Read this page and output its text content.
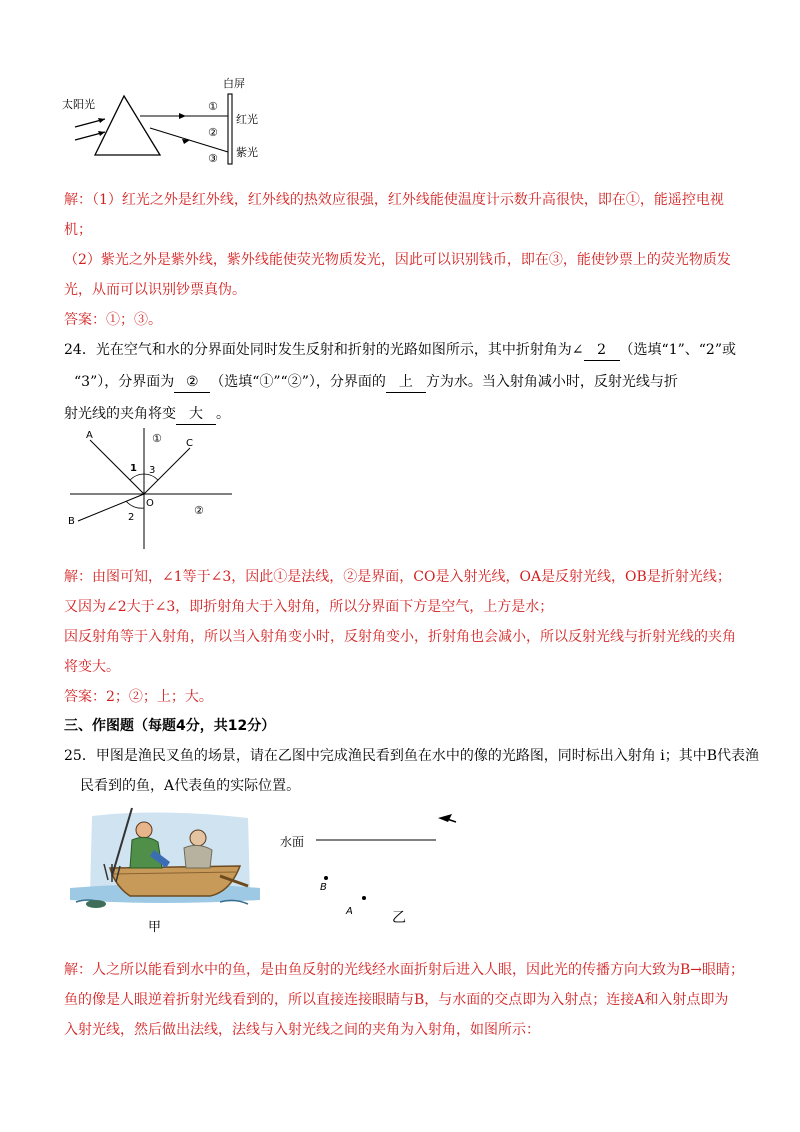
太阳光
白屏
①
②
③
红光
紫光
解：（1）红光之外是红外线，红外线的热效应很强，红外线能使温度计示数升高很快，即在①，能遥控电视
机；
（2）紫光之外是紫外线，紫外线能使荧光物质发光，因此可以识别钱币，即在③，能使钞票上的荧光物质发
光，从而可以识别钞票真伪。
答案：①；③。
24．光在空气和水的分界面处同时发生反射和折射的光路如图所示，其中折射角为∠ 2 （选填“1”、“2”或
“3”），分界面为 ② （选填“①”“②”），分界面的 上 方为水。当入射角减小时，反射光线与折
射光线的夹角将变 大 。
A
B
C
O
1 3
2
①
②
解：由图可知，∠1等于∠3，因此①是法线，②是界面，CO是入射光线，OA是反射光线，OB是折射光线；
又因为∠2大于∠3，即折射角大于入射角，所以分界面下方是空气，上方是水；
因反射角等于入射角，所以当入射角变小时，反射角变小，折射角也会减小，所以反射光线与折射光线的夹角
将变大。
答案：2；②；上；大。
三、作图题（每题4分，共12分）
25．甲图是渔民叉鱼的场景，请在乙图中完成渔民看到鱼在水中的像的光路图，同时标出入射角 i；其中B代表渔
民看到的鱼，A代表鱼的实际位置。
甲
水面
B
A	乙
解：人之所以能看到水中的鱼，是由鱼反射的光线经水面折射后进入人眼，因此光的传播方向大致为B→眼睛；
鱼的像是人眼逆着折射光线看到的，所以直接连接眼睛与B，与水面的交点即为入射点；连接A和入射点即为
入射光线，然后做出法线，法线与入射光线之间的夹角为入射角，如图所示：
